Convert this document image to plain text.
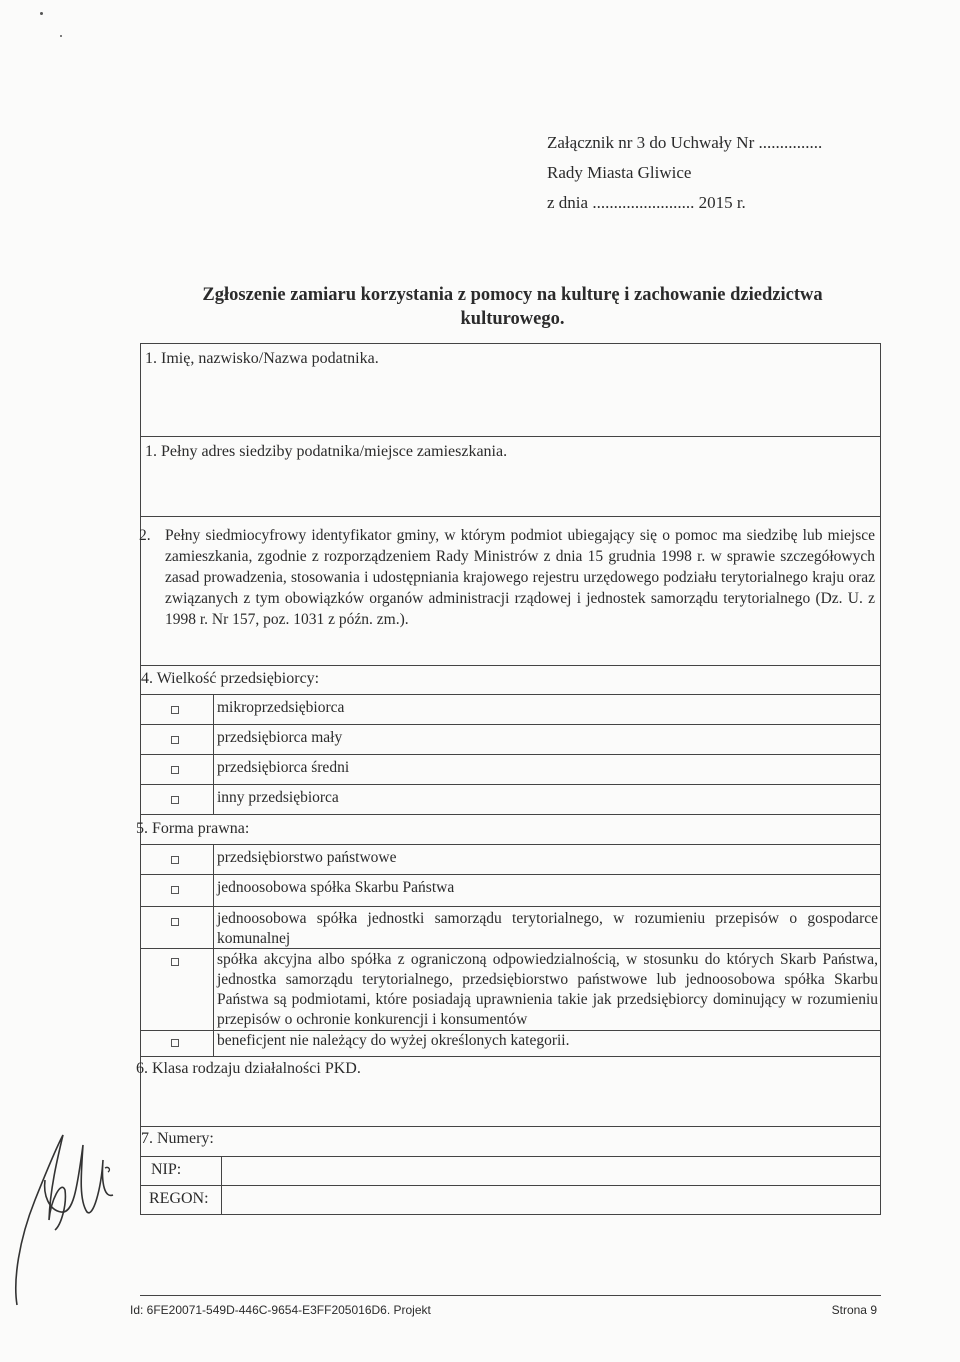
Załącznik nr 3 do Uchwały Nr ...............
Rady Miasta Gliwice
z dnia ........................ 2015 r.
Zgłoszenie zamiaru korzystania z pomocy na kulturę i zachowanie dziedzictwa
kulturowego.
1. Imię, nazwisko/Nazwa podatnika.
1. Pełny adres siedziby podatnika/miejsce zamieszkania.
2. Pełny siedmiocyfrowy identyfikator gminy, w którym podmiot ubiegający się o pomoc ma siedzibę lub miejsce zamieszkania, zgodnie z rozporządzeniem Rady Ministrów z dnia 15 grudnia 1998 r. w sprawie szczegółowych zasad prowadzenia, stosowania i udostępniania krajowego rejestru urzędowego podziału terytorialnego kraju oraz związanych z tym obowiązków organów administracji rządowej i jednostek samorządu terytorialnego (Dz. U. z 1998 r. Nr 157, poz. 1031 z późn. zm.).
4. Wielkość przedsiębiorcy:
mikroprzedsiębiorca
przedsiębiorca mały
przedsiębiorca średni
inny przedsiębiorca
5. Forma prawna:
przedsiębiorstwo państwowe
jednoosobowa spółka Skarbu Państwa
jednoosobowa spółka jednostki samorządu terytorialnego, w rozumieniu przepisów o gospodarce komunalnej
spółka akcyjna albo spółka z ograniczoną odpowiedzialnością, w stosunku do których Skarb Państwa, jednostka samorządu terytorialnego, przedsiębiorstwo państwowe lub jednoosobowa spółka Skarbu Państwa są podmiotami, które posiadają uprawnienia takie jak przedsiębiorcy dominujący w rozumieniu przepisów o ochronie konkurencji i konsumentów
beneficjent nie należący do wyżej określonych kategorii.
6. Klasa rodzaju działalności PKD.
7. Numery:
NIP:
REGON:
Id: 6FE20071-549D-446C-9654-E3FF205016D6. Projekt	Strona 9
